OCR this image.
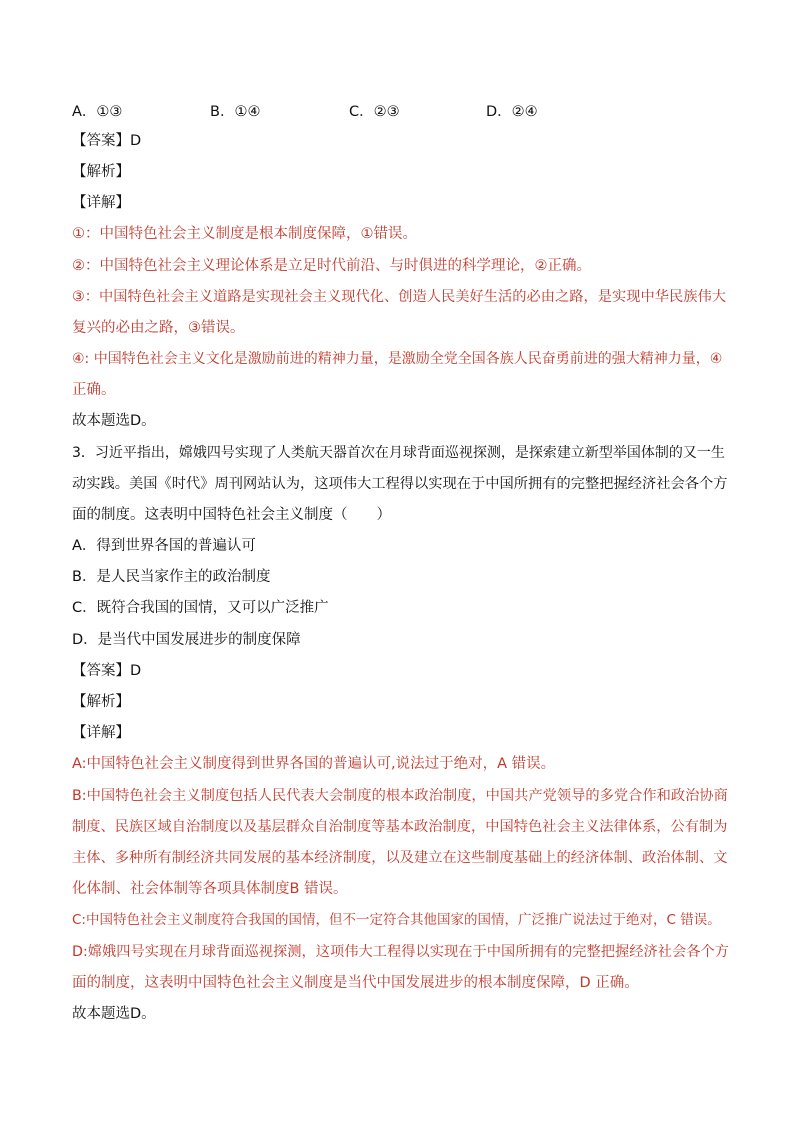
A．①③	B．①④	C．②③	D．②④
【答案】D
【解析】
【详解】
①：中国特色社会主义制度是根本制度保障，①错误。
②：中国特色社会主义理论体系是立足时代前沿、与时俱进的科学理论，②正确。
③：中国特色社会主义道路是实现社会主义现代化、创造人民美好生活的必由之路，是实现中华民族伟大
复兴的必由之路，③错误。
④: 中国特色社会主义文化是激励前进的精神力量，是激励全党全国各族人民奋勇前进的强大精神力量，④
正确。
故本题选D。
3．习近平指出，嫦娥四号实现了人类航天器首次在月球背面巡视探测，是探索建立新型举国体制的又一生
动实践。美国《时代》周刊网站认为，这项伟大工程得以实现在于中国所拥有的完整把握经济社会各个方
面的制度。这表明中国特色社会主义制度（　　）
A．得到世界各国的普遍认可
B．是人民当家作主的政治制度
C．既符合我国的国情，又可以广泛推广
D．是当代中国发展进步的制度保障
【答案】D
【解析】
【详解】
A:中国特色社会主义制度得到世界各国的普遍认可,说法过于绝对，A 错误。
B:中国特色社会主义制度包括人民代表大会制度的根本政治制度，中国共产党领导的多党合作和政治协商
制度、民族区域自治制度以及基层群众自治制度等基本政治制度，中国特色社会主义法律体系，公有制为
主体、多种所有制经济共同发展的基本经济制度，以及建立在这些制度基础上的经济体制、政治体制、文
化体制、社会体制等各项具体制度B 错误。
C:中国特色社会主义制度符合我国的国情，但不一定符合其他国家的国情，广泛推广说法过于绝对，C 错误。
D:嫦娥四号实现在月球背面巡视探测，这项伟大工程得以实现在于中国所拥有的完整把握经济社会各个方
面的制度，这表明中国特色社会主义制度是当代中国发展进步的根本制度保障，D 正确。
故本题选D。
